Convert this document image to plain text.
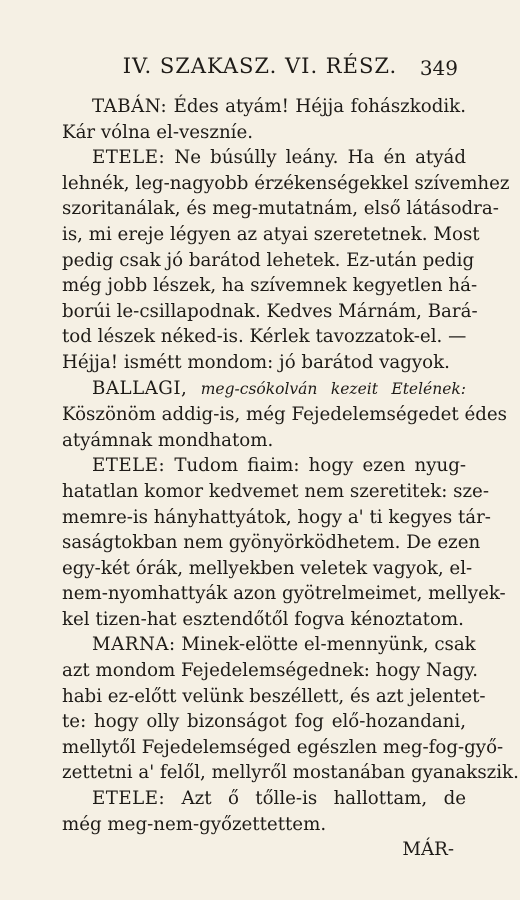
IV. SZAKASZ. VI. RÉSZ.	349
TABÁN: Édes atyám! Héjja fohászkodik.
Kár vólna el-veszníe.
ETELE: Ne búsúlly leány. Ha én atyád
lehnék, leg-nagyobb érzékenségekkel szívemhez
szoritanálak, és meg-mutatnám, első látásodra-
is, mi ereje légyen az atyai szeretetnek. Most
pedig csak jó barátod lehetek. Ez-után pedig
még jobb lészek, ha szívemnek kegyetlen há-
borúi le-csillapodnak. Kedves Márnám, Bará-
tod lészek néked-is. Kérlek tavozzatok-el. —
Héjja! ismétt mondom: jó barátod vagyok.
BALLAGI, meg-csókolván kezeit Etelének:
Köszönöm addig-is, még Fejedelemségedet édes
atyámnak mondhatom.
ETELE: Tudom fiaim: hogy ezen nyug-
hatatlan komor kedvemet nem szeretitek: sze-
memre-is hányhattyátok, hogy a' ti kegyes tár-
saságtokban nem gyönyörködhetem. De ezen
egy-két órák, mellyekben veletek vagyok, el-
nem-nyomhattyák azon gyötrelmeimet, mellyek-
kel tizen-hat esztendőtől fogva kénoztatom.
MARNA: Minek-elötte el-mennyünk, csak
azt mondom Fejedelemségednek: hogy Nagy.
habi ez-előtt velünk beszéllett, és azt jelentet-
te: hogy olly bizonságot fog elő-hozandani,
mellytől Fejedelemséged egészlen meg-fog-győ-
zettetni a' felől, mellyről mostanában gyanakszik.
ETELE: Azt ő tőlle-is hallottam, de
még meg-nem-győzettettem.
MÁR-
